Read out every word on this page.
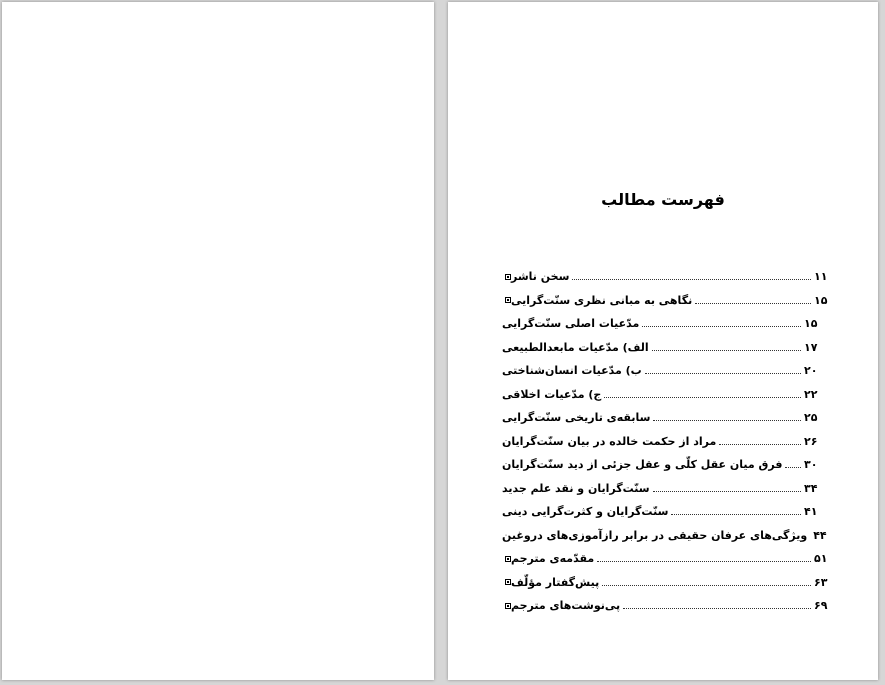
فهرست مطالب
سخن ناشر	۱۱
نگاهی به مبانی نظری سنّت‌گرایی	۱۵
مدّعیات اصلی سنّت‌گرایی	۱۵
الف) مدّعیات مابعدالطبیعی	۱۷
ب) مدّعیات انسان‌شناختی	۲۰
ج) مدّعیات اخلاقی	۲۲
سابقه‌ی تاریخی سنّت‌گرایی	۲۵
مراد از حکمت خالده در بیان سنّت‌گرایان	۲۶
فرق میان عقل کلّی و عقل جزئی از دید سنّت‌گرایان ۳۰
سنّت‌گرایان و نقد علم جدید	۳۴
سنّت‌گرایان و کثرت‌گرایی دینی	۴۱
ویژگی‌های عرفان حقیقی در برابر رازآموزی‌های دروغین ۴۴
مقدّمه‌ی مترجم	۵۱
پیش‌گفتار مؤلّف	۶۳
پی‌نوشت‌های مترجم	۶۹
